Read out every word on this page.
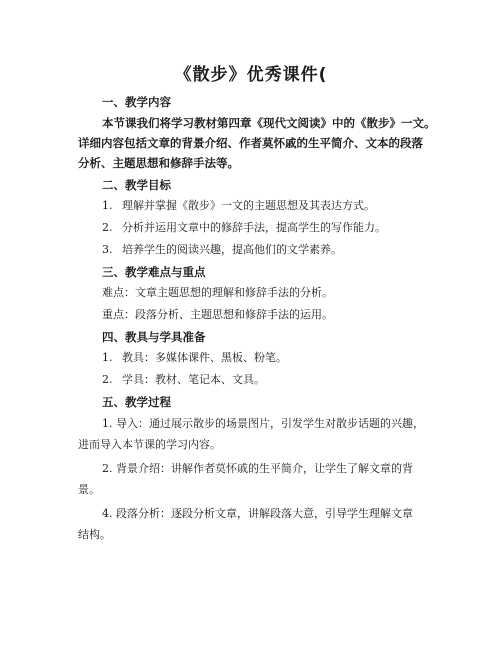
《散步》优秀课件(
一、教学内容
本节课我们将学习教材第四章《现代文阅读》中的《散步》一文。
详细内容包括文章的背景介绍、作者莫怀戚的生平简介、文本的段落
分析、主题思想和修辞手法等。
二、教学目标
1. 理解并掌握《散步》一文的主题思想及其表达方式。
2. 分析并运用文章中的修辞手法，提高学生的写作能力。
3. 培养学生的阅读兴趣，提高他们的文学素养。
三、教学难点与重点
难点：文章主题思想的理解和修辞手法的分析。
重点：段落分析、主题思想和修辞手法的运用。
四、教具与学具准备
1. 教具：多媒体课件、黑板、粉笔。
2. 学具：教材、笔记本、文具。
五、教学过程
1. 导入：通过展示散步的场景图片，引发学生对散步话题的兴趣，
进而导入本节课的学习内容。
2. 背景介绍：讲解作者莫怀戚的生平简介，让学生了解文章的背
景。
4. 段落分析：逐段分析文章，讲解段落大意，引导学生理解文章
结构。
